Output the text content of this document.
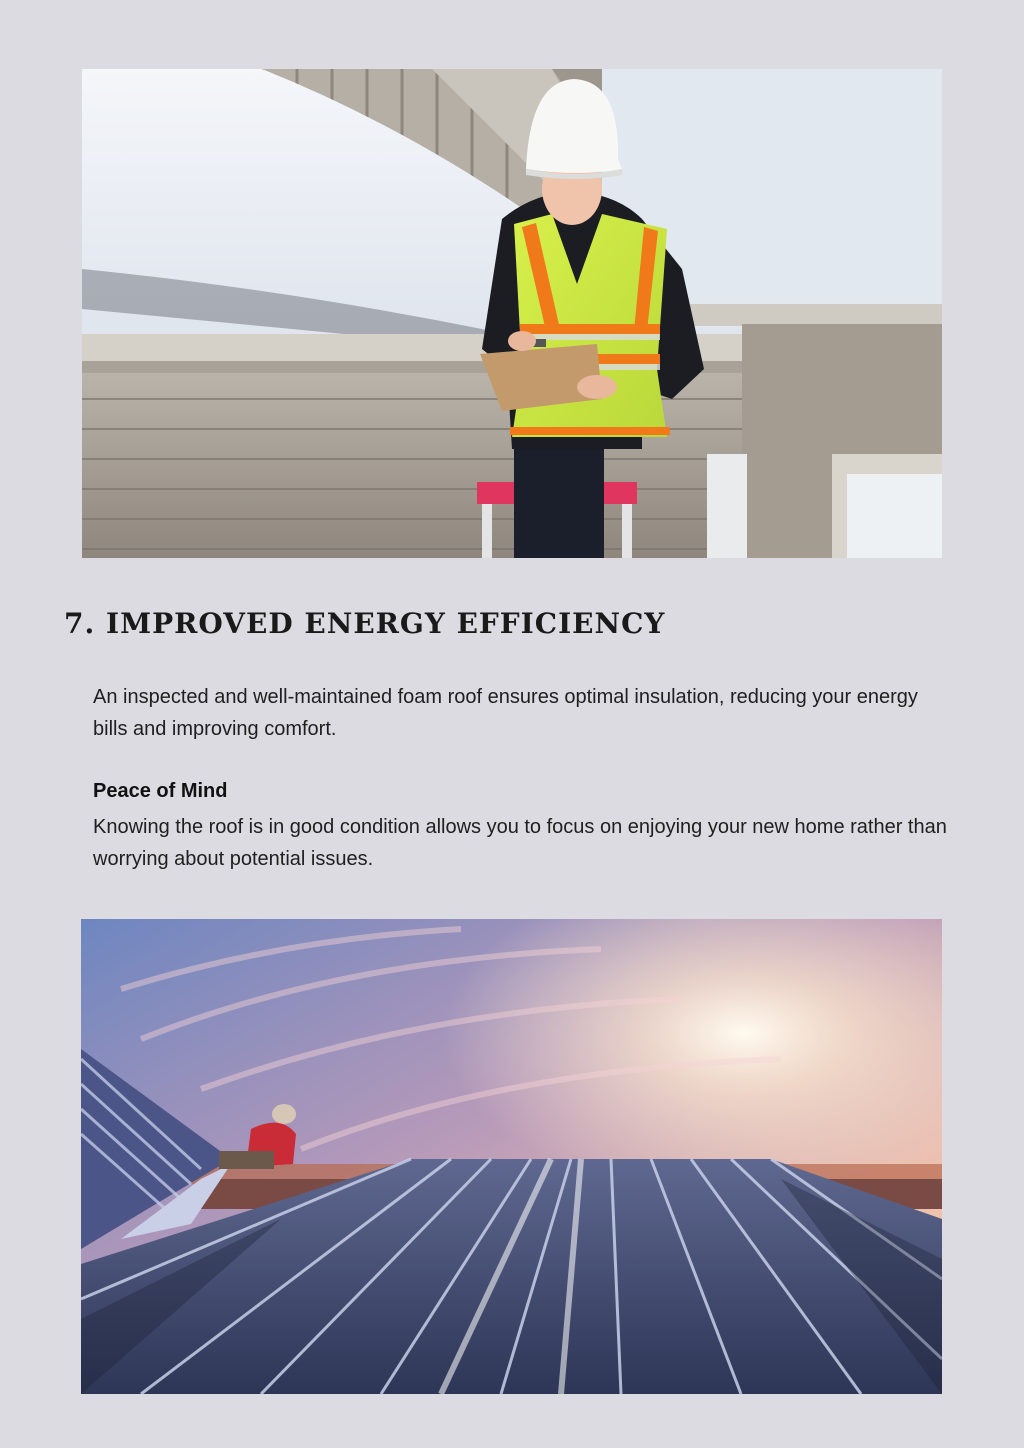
7. IMPROVED ENERGY EFFICIENCY

An inspected and well-maintained foam roof ensures optimal insulation, reducing your energy bills and improving comfort.

Peace of Mind

Knowing the roof is in good condition allows you to focus on enjoying your new home rather than worrying about potential issues.
